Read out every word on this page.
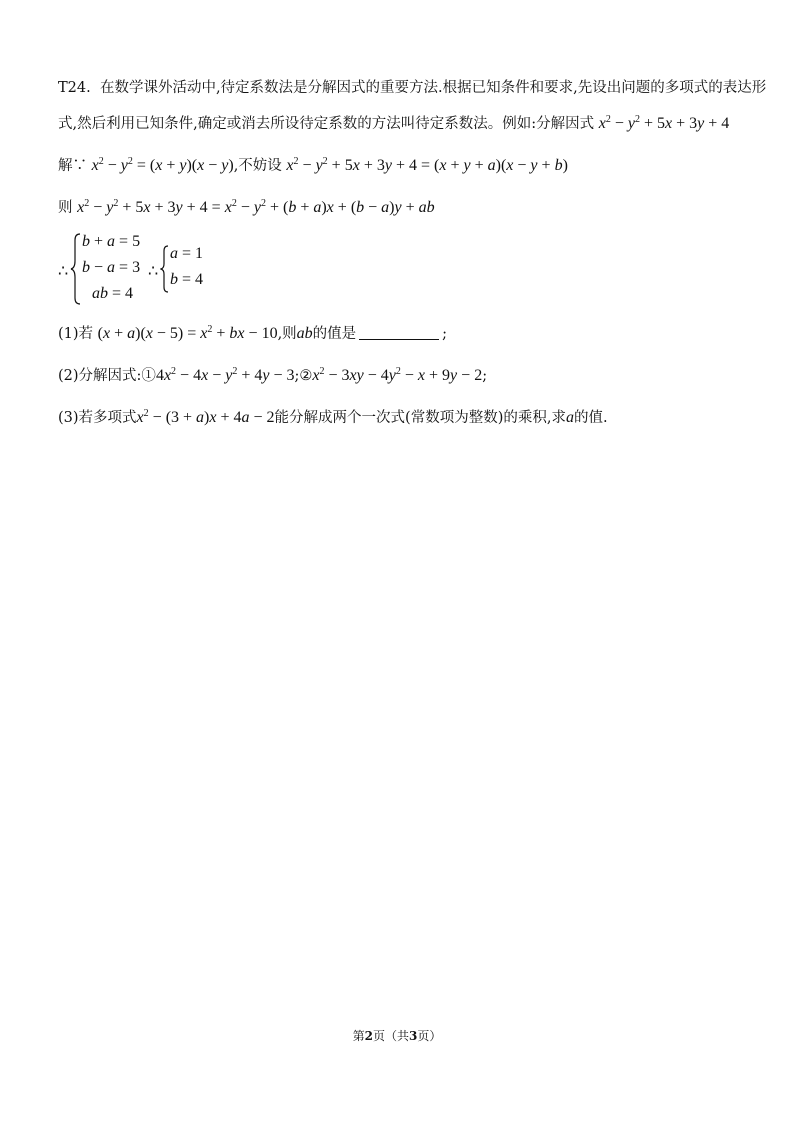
T24. 在数学课外活动中,待定系数法是分解因式的重要方法.根据已知条件和要求,先设出问题的多项式的表达形
式,然后利用已知条件,确定或消去所设待定系数的方法叫待定系数法。例如:分解因式 $x^2 - y^2 + 5x + 3y + 4$
解∵ $x^2 - y^2 = (x + y)(x - y)$,不妨设 $x^2 - y^2 + 5x + 3y + 4 = (x + y + a)(x - y + b)$
则 $x^2 - y^2 + 5x + 3y + 4 = x^2 - y^2 + (b + a)x + (b - a)y$ + ab
∴
b + a = 5
b − a = 3
ab = 4
∴
a = 1
b = 4
(1)若 $(x + a)(x - 5) = x^2$ + bx − 10,则ab的值是	;
(2)分解因式$:①4x^2 - 4x - y^2 + 4y$ − $3;②x^2 - 3xy - 4y^2 - x + 9y - 2$;
(3)若多项式$x^2 - (3 + a)x + 4a - 2$能分解成两个一次式(常数项为整数)的乘积,求a的值.
第2页（共3页）
